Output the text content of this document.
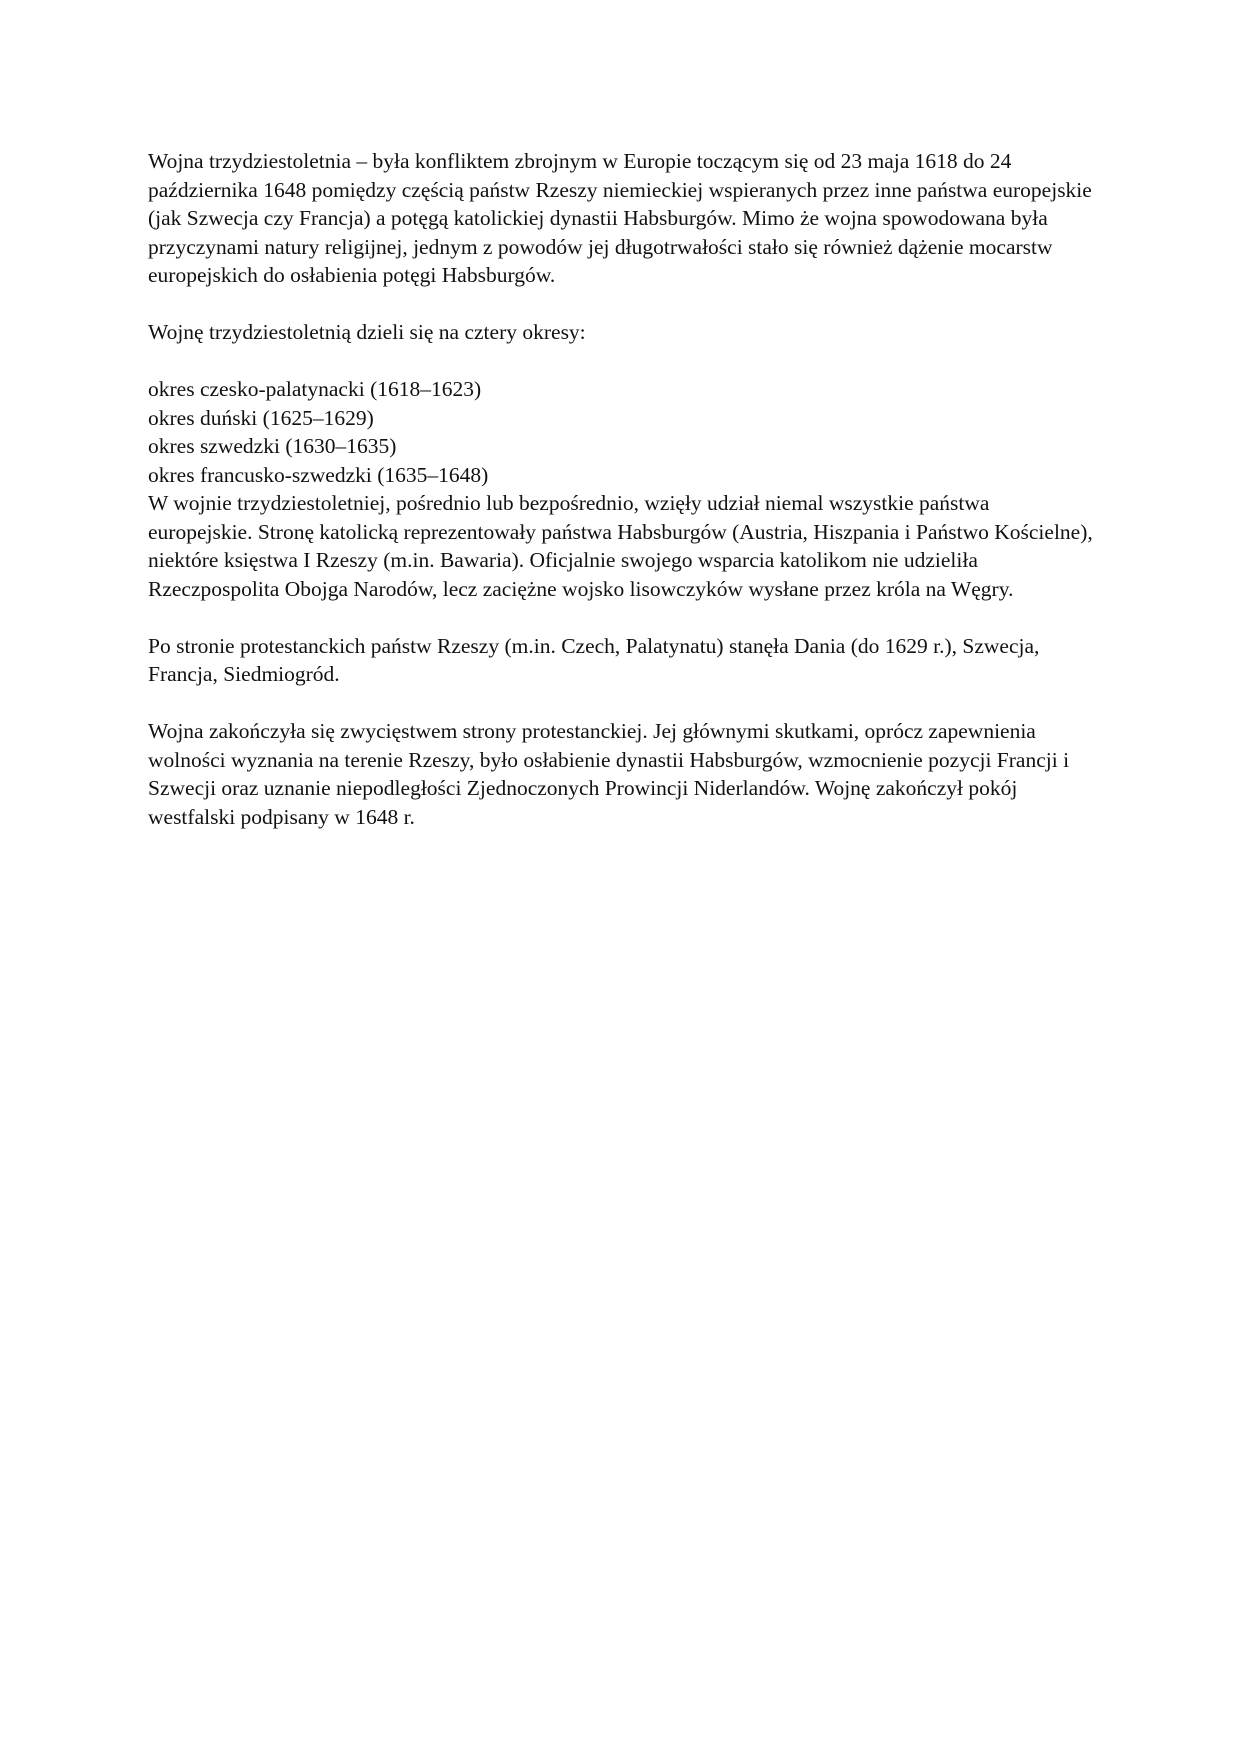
Wojna trzydziestoletnia – była konfliktem zbrojnym w Europie toczącym się od 23 maja 1618 do 24 października 1648 pomiędzy częścią państw Rzeszy niemieckiej wspieranych przez inne państwa europejskie (jak Szwecja czy Francja) a potęgą katolickiej dynastii Habsburgów. Mimo że wojna spowodowana była przyczynami natury religijnej, jednym z powodów jej długotrwałości stało się również dążenie mocarstw europejskich do osłabienia potęgi Habsburgów.

Wojnę trzydziestoletnią dzieli się na cztery okresy:

okres czesko-palatynacki (1618–1623)
okres duński (1625–1629)
okres szwedzki (1630–1635)
okres francusko-szwedzki (1635–1648)

W wojnie trzydziestoletniej, pośrednio lub bezpośrednio, wzięły udział niemal wszystkie państwa europejskie. Stronę katolicką reprezentowały państwa Habsburgów (Austria, Hiszpania i Państwo Kościelne), niektóre księstwa I Rzeszy (m.in. Bawaria). Oficjalnie swojego wsparcia katolikom nie udzieliła Rzeczpospolita Obojga Narodów, lecz zaciężne wojsko lisowczyków wysłane przez króla na Węgry.

Po stronie protestanckich państw Rzeszy (m.in. Czech, Palatynatu) stanęła Dania (do 1629 r.), Szwecja, Francja, Siedmiogród.

Wojna zakończyła się zwycięstwem strony protestanckiej. Jej głównymi skutkami, oprócz zapewnienia wolności wyznania na terenie Rzeszy, było osłabienie dynastii Habsburgów, wzmocnienie pozycji Francji i Szwecji oraz uznanie niepodległości Zjednoczonych Prowincji Niderlandów. Wojnę zakończył pokój westfalski podpisany w 1648 r.
